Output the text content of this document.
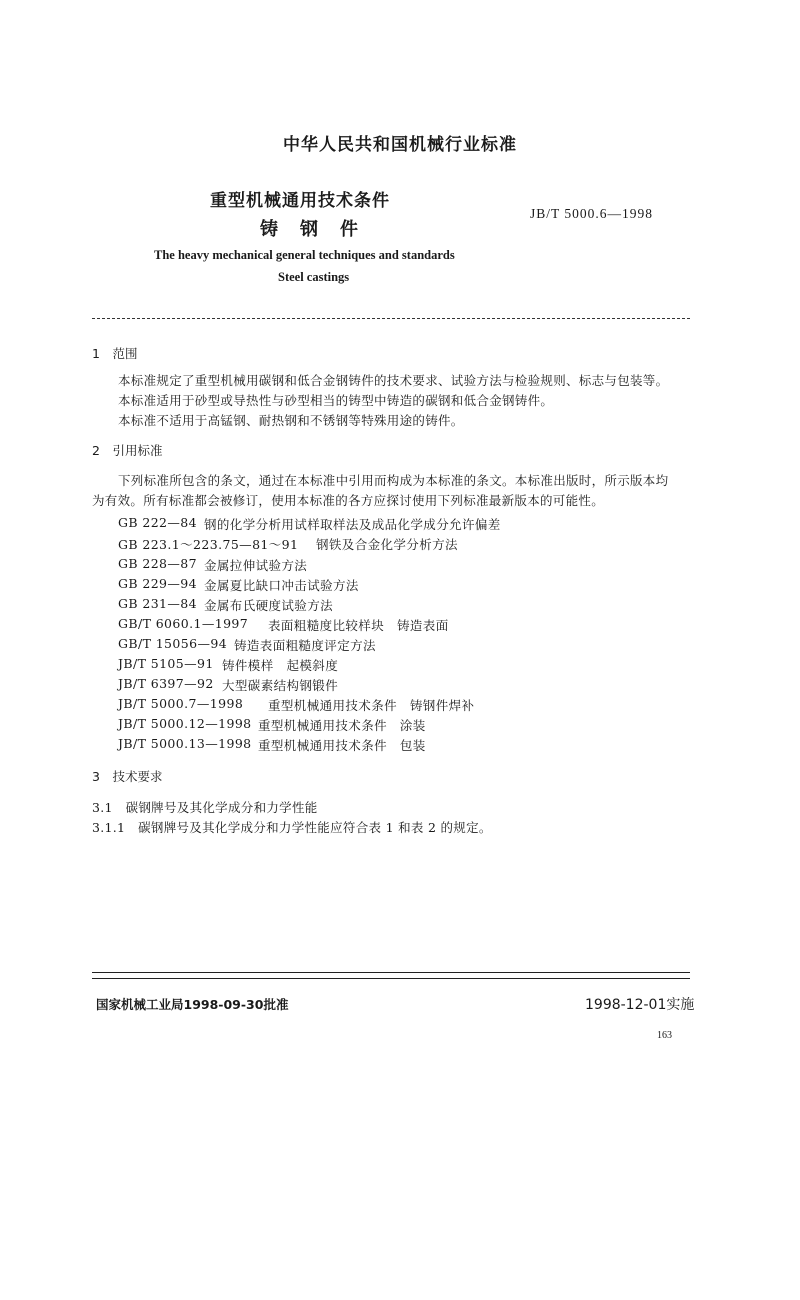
中华人民共和国机械行业标准
重型机械通用技术条件
铸钢件
JB/T 5000.6—1998
The heavy mechanical general techniques and standards
Steel castings
1　范围
本标准规定了重型机械用碳钢和低合金钢铸件的技术要求、试验方法与检验规则、标志与包装等。
本标准适用于砂型或导热性与砂型相当的铸型中铸造的碳钢和低合金钢铸件。
本标准不适用于高锰钢、耐热钢和不锈钢等特殊用途的铸件。
2　引用标准
下列标准所包含的条文，通过在本标准中引用而构成为本标准的条文。本标准出版时，所示版本均
为有效。所有标准都会被修订，使用本标准的各方应探讨使用下列标准最新版本的可能性。
GB 222—84 钢的化学分析用试样取样法及成品化学成分允许偏差
GB 223.1～223.75—81～91 钢铁及合金化学分析方法
GB 228—87 金属拉伸试验方法
GB 229—94 金属夏比缺口冲击试验方法
GB 231—84 金属布氏硬度试验方法
GB/T 6060.1—1997 表面粗糙度比较样块　铸造表面
GB/T 15056—94 铸造表面粗糙度评定方法
JB/T 5105—91 铸件模样　起模斜度
JB/T 6397—92 大型碳素结构钢锻件
JB/T 5000.7—1998 重型机械通用技术条件　铸钢件焊补
JB/T 5000.12—1998 重型机械通用技术条件　涂装
JB/T 5000.13—1998 重型机械通用技术条件　包装
3　技术要求
3.1　碳钢牌号及其化学成分和力学性能
3.1.1　碳钢牌号及其化学成分和力学性能应符合表 1 和表 2 的规定。
国家机械工业局1998-09-30批准	1998-12-01实施
163
